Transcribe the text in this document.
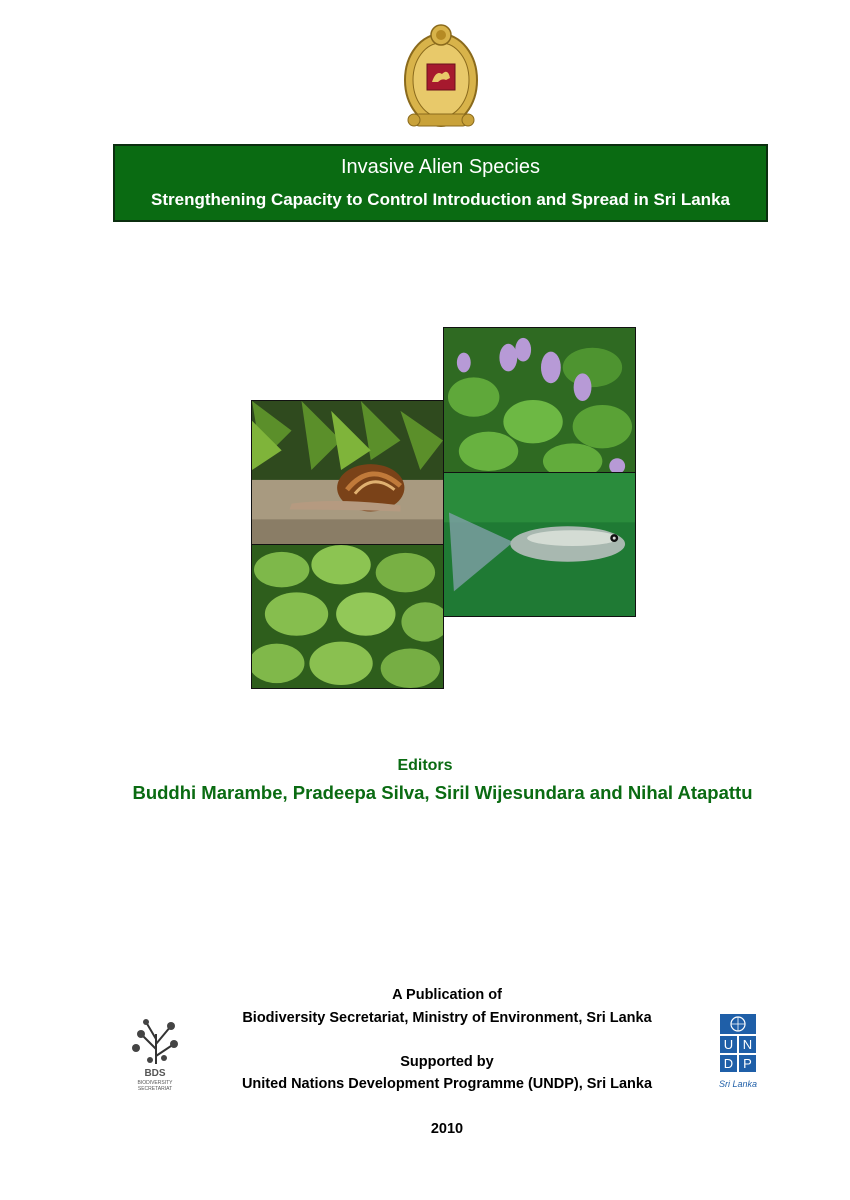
Invasive Alien Species
Strengthening Capacity to Control Introduction and Spread in Sri Lanka
Editors
Buddhi Marambe, Pradeepa Silva, Siril Wijesundara and Nihal Atapattu
A Publication of
Biodiversity Secretariat, Ministry of Environment, Sri Lanka
Supported by
United Nations Development Programme (UNDP), Sri Lanka
2010
BDS
BIODIVERSITY
SECRETARIAT
U N
D P
Sri Lanka
